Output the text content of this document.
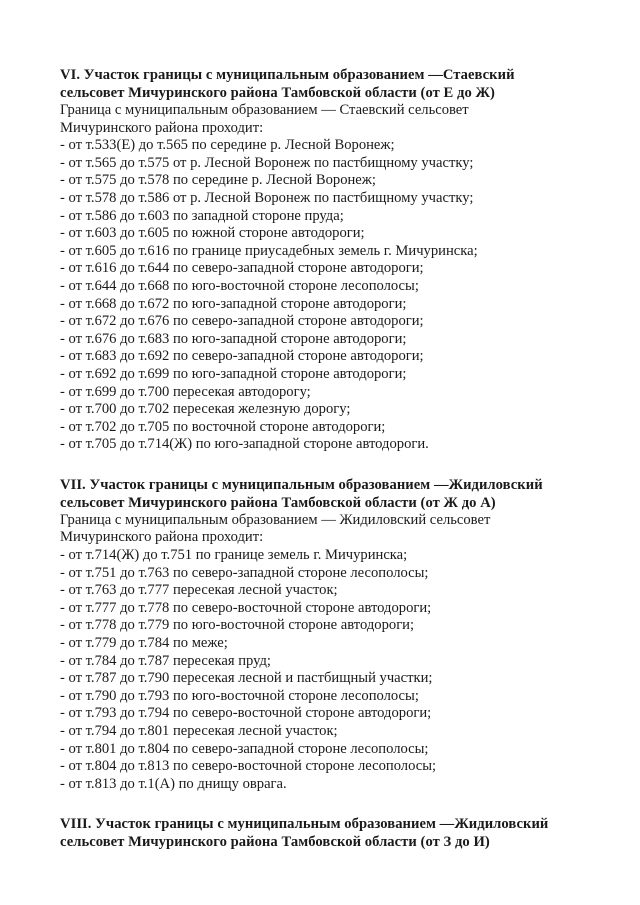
VI. Участок границы с муниципальным образованием —Стаевский
сельсовет Мичуринского района Тамбовской области (от Е до Ж)

Граница с муниципальным образованием — Стаевский сельсовет
Мичуринского района проходит:

- от т.533(Е) до т.565 по середине р. Лесной Воронеж;
- от т.565 до т.575 от р. Лесной Воронеж по пастбищному участку;
- от т.575 до т.578 по середине р. Лесной Воронеж;
- от т.578 до т.586 от р. Лесной Воронеж по пастбищному участку;
- от т.586 до т.603 по западной стороне пруда;
- от т.603 до т.605 по южной стороне автодороги;
- от т.605 до т.616 по границе приусадебных земель г. Мичуринска;
- от т.616 до т.644 по северо-западной стороне автодороги;
- от т.644 до т.668 по юго-восточной стороне лесополосы;
- от т.668 до т.672 по юго-западной стороне автодороги;
- от т.672 до т.676 по северо-западной стороне автодороги;
- от т.676 до т.683 по юго-западной стороне автодороги;
- от т.683 до т.692 по северо-западной стороне автодороги;
- от т.692 до т.699 по юго-западной стороне автодороги;
- от т.699 до т.700 пересекая автодорогу;
- от т.700 до т.702 пересекая железную дорогу;
- от т.702 до т.705 по восточной стороне автодороги;
- от т.705 до т.714(Ж) по юго-западной стороне автодороги.

VII. Участок границы с муниципальным образованием —Жидиловский
сельсовет Мичуринского района Тамбовской области (от Ж до А)

Граница с муниципальным образованием — Жидиловский сельсовет
Мичуринского района проходит:

- от т.714(Ж) до т.751 по границе земель г. Мичуринска;
- от т.751 до т.763 по северо-западной стороне лесополосы;
- от т.763 до т.777 пересекая лесной участок;
- от т.777 до т.778 по северо-восточной стороне автодороги;
- от т.778 до т.779 по юго-восточной стороне автодороги;
- от т.779 до т.784 по меже;
- от т.784 до т.787 пересекая пруд;
- от т.787 до т.790 пересекая лесной и пастбищный участки;
- от т.790 до т.793 по юго-восточной стороне лесополосы;
- от т.793 до т.794 по северо-восточной стороне автодороги;
- от т.794 до т.801 пересекая лесной участок;
- от т.801 до т.804 по северо-западной стороне лесополосы;
- от т.804 до т.813 по северо-восточной стороне лесополосы;
- от т.813 до т.1(А) по днищу оврага.

VIII. Участок границы с муниципальным образованием —Жидиловский
сельсовет Мичуринского района Тамбовской области (от З до И)
